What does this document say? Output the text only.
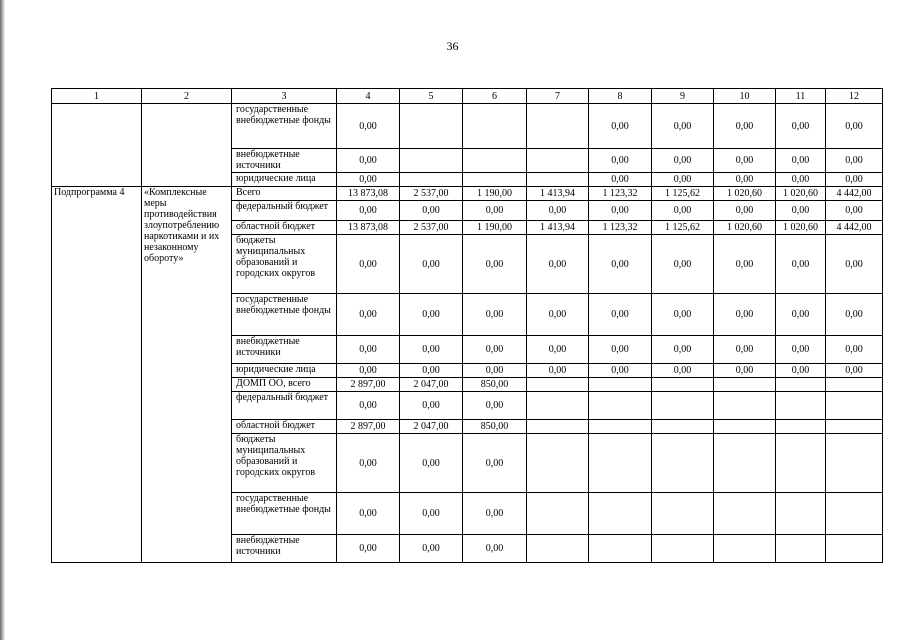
36
1	2	3	4	5	6	7	8	9	10	11	12
		государственные внебюджетные фонды	0,00				0,00	0,00	0,00	0,00	0,00
		внебюджетные источники	0,00				0,00	0,00	0,00	0,00	0,00
		юридические лица	0,00				0,00	0,00	0,00	0,00	0,00
Подпрограмма 4	«Комплексные меры противодействия злоупотреблению наркотиками и их незаконному обороту»	Всего	13 873,08	2 537,00	1 190,00	1 413,94	1 123,32	1 125,62	1 020,60	1 020,60	4 442,00
		федеральный бюджет	0,00	0,00	0,00	0,00	0,00	0,00	0,00	0,00	0,00
		областной бюджет	13 873,08	2 537,00	1 190,00	1 413,94	1 123,32	1 125,62	1 020,60	1 020,60	4 442,00
		бюджеты муниципальных образований и городских округов	0,00	0,00	0,00	0,00	0,00	0,00	0,00	0,00	0,00
		государственные внебюджетные фонды	0,00	0,00	0,00	0,00	0,00	0,00	0,00	0,00	0,00
		внебюджетные источники	0,00	0,00	0,00	0,00	0,00	0,00	0,00	0,00	0,00
		юридические лица	0,00	0,00	0,00	0,00	0,00	0,00	0,00	0,00	0,00
		ДОМП ОО, всего	2 897,00	2 047,00	850,00						
		федеральный бюджет	0,00	0,00	0,00						
		областной бюджет	2 897,00	2 047,00	850,00						
		бюджеты муниципальных образований и городских округов	0,00	0,00	0,00						
		государственные внебюджетные фонды	0,00	0,00	0,00						
		внебюджетные источники	0,00	0,00	0,00						
